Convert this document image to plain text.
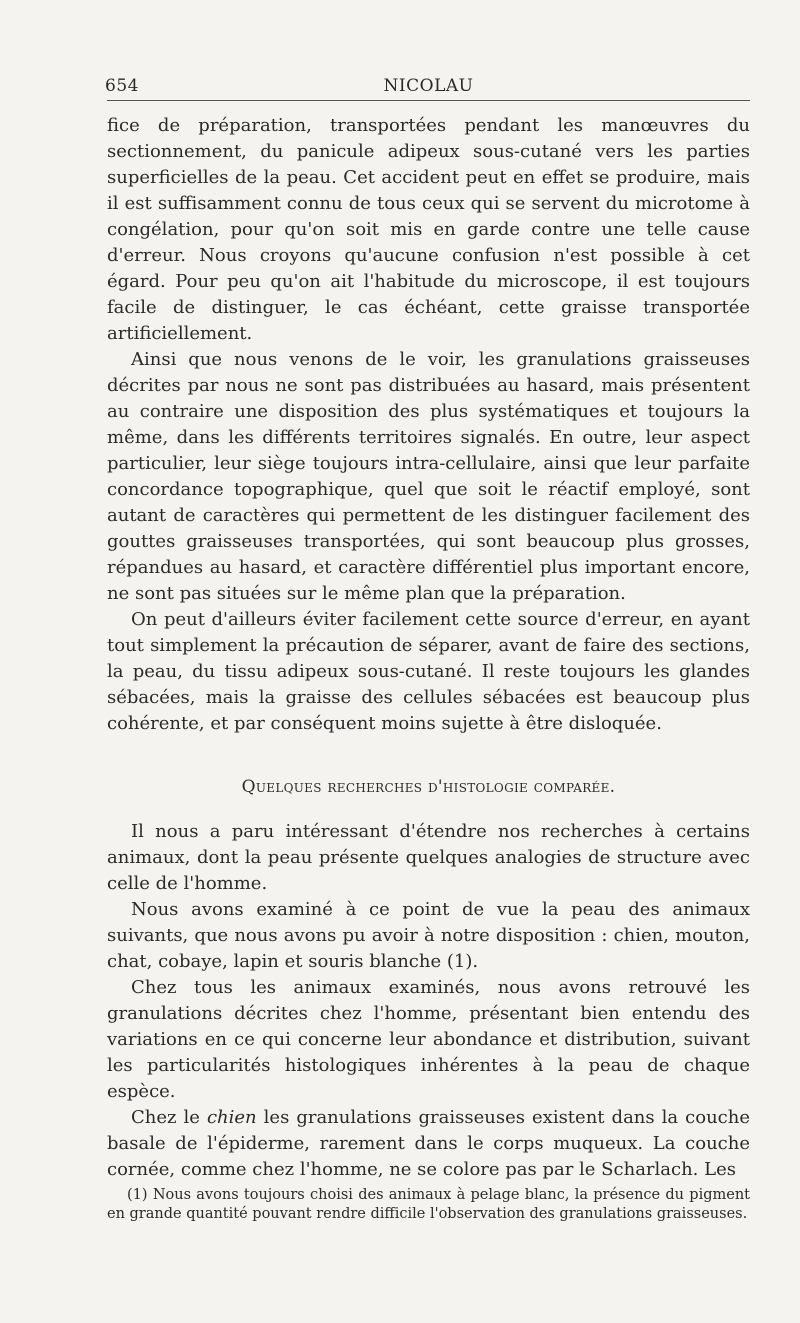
654	NICOLAU

fice de préparation, transportées pendant les manœuvres du sectionnement, du panicule adipeux sous-cutané vers les parties superficielles de la peau. Cet accident peut en effet se produire, mais il est suffisamment connu de tous ceux qui se servent du microtome à congélation, pour qu'on soit mis en garde contre une telle cause d'erreur. Nous croyons qu'aucune confusion n'est possible à cet égard. Pour peu qu'on ait l'habitude du microscope, il est toujours facile de distinguer, le cas échéant, cette graisse transportée artificiellement.

Ainsi que nous venons de le voir, les granulations graisseuses décrites par nous ne sont pas distribuées au hasard, mais présentent au contraire une disposition des plus systématiques et toujours la même, dans les différents territoires signalés. En outre, leur aspect particulier, leur siège toujours intra-cellulaire, ainsi que leur parfaite concordance topographique, quel que soit le réactif employé, sont autant de caractères qui permettent de les distinguer facilement des gouttes graisseuses transportées, qui sont beaucoup plus grosses, répandues au hasard, et caractère différentiel plus important encore, ne sont pas situées sur le même plan que la préparation.

On peut d'ailleurs éviter facilement cette source d'erreur, en ayant tout simplement la précaution de séparer, avant de faire des sections, la peau, du tissu adipeux sous-cutané. Il reste toujours les glandes sébacées, mais la graisse des cellules sébacées est beaucoup plus cohérente, et par conséquent moins sujette à être disloquée.

Quelques recherches d'histologie comparée.

Il nous a paru intéressant d'étendre nos recherches à certains animaux, dont la peau présente quelques analogies de structure avec celle de l'homme.

Nous avons examiné à ce point de vue la peau des animaux suivants, que nous avons pu avoir à notre disposition : chien, mouton, chat, cobaye, lapin et souris blanche (1).

Chez tous les animaux examinés, nous avons retrouvé les granulations décrites chez l'homme, présentant bien entendu des variations en ce qui concerne leur abondance et distribution, suivant les particularités histologiques inhérentes à la peau de chaque espèce.

Chez le chien les granulations graisseuses existent dans la couche basale de l'épiderme, rarement dans le corps muqueux. La couche cornée, comme chez l'homme, ne se colore pas par le Scharlach. Les

(1) Nous avons toujours choisi des animaux à pelage blanc, la présence du pigment en grande quantité pouvant rendre difficile l'observation des granulations graisseuses.
